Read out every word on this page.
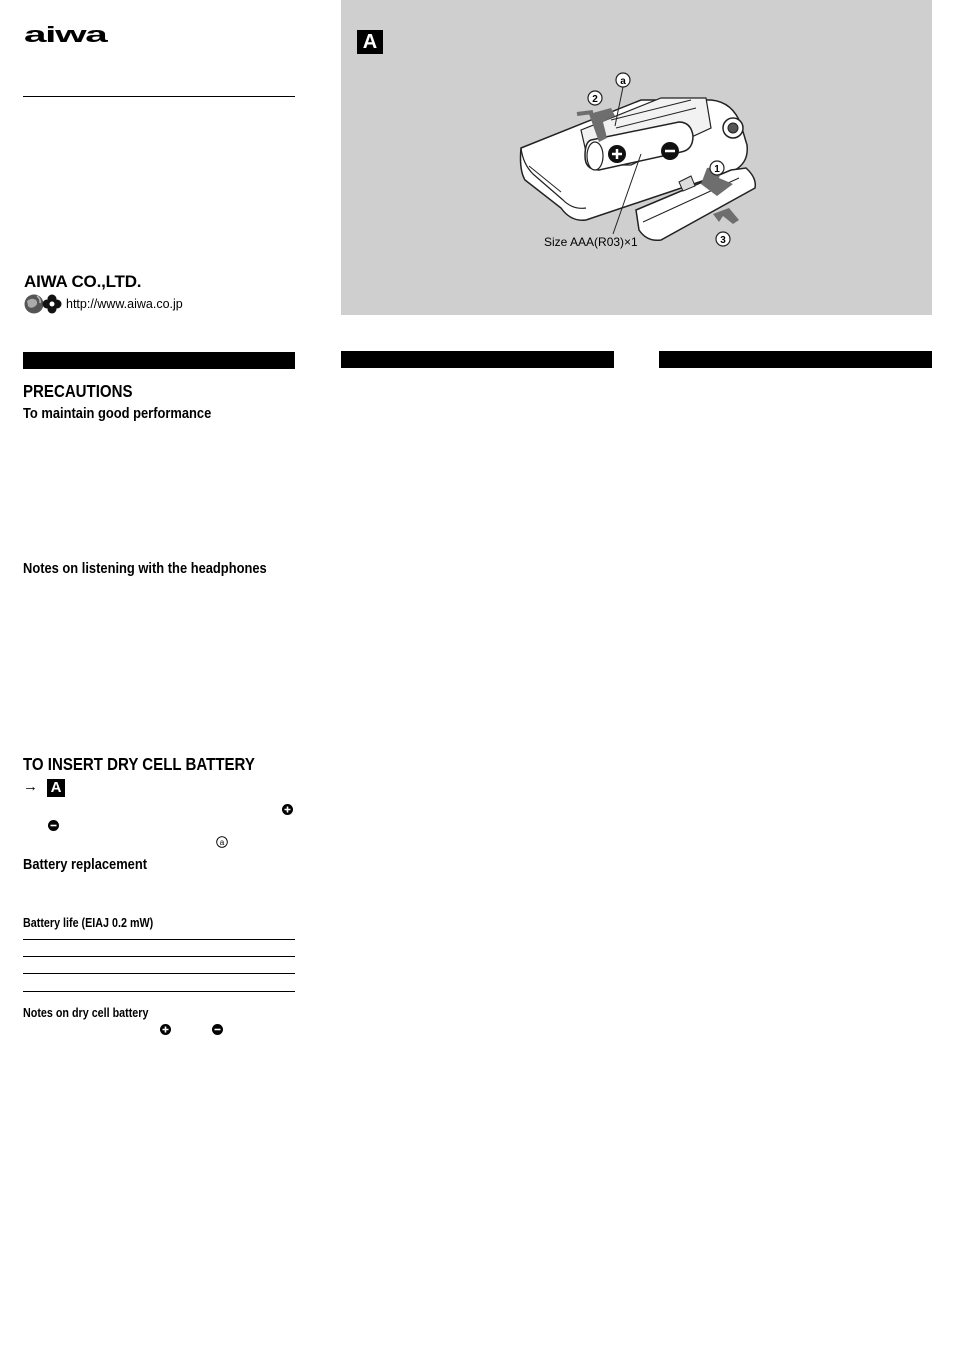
aiwa
AIWA CO.,LTD.
http://www.aiwa.co.jp
A
2
a
1
3
Size AAA(R03)×1
PRECAUTIONS
To maintain good performance
Notes on listening with the headphones
TO INSERT DRY CELL BATTERY
→ A
a
Battery replacement
Battery life (EIAJ 0.2 mW)
Notes on dry cell battery
